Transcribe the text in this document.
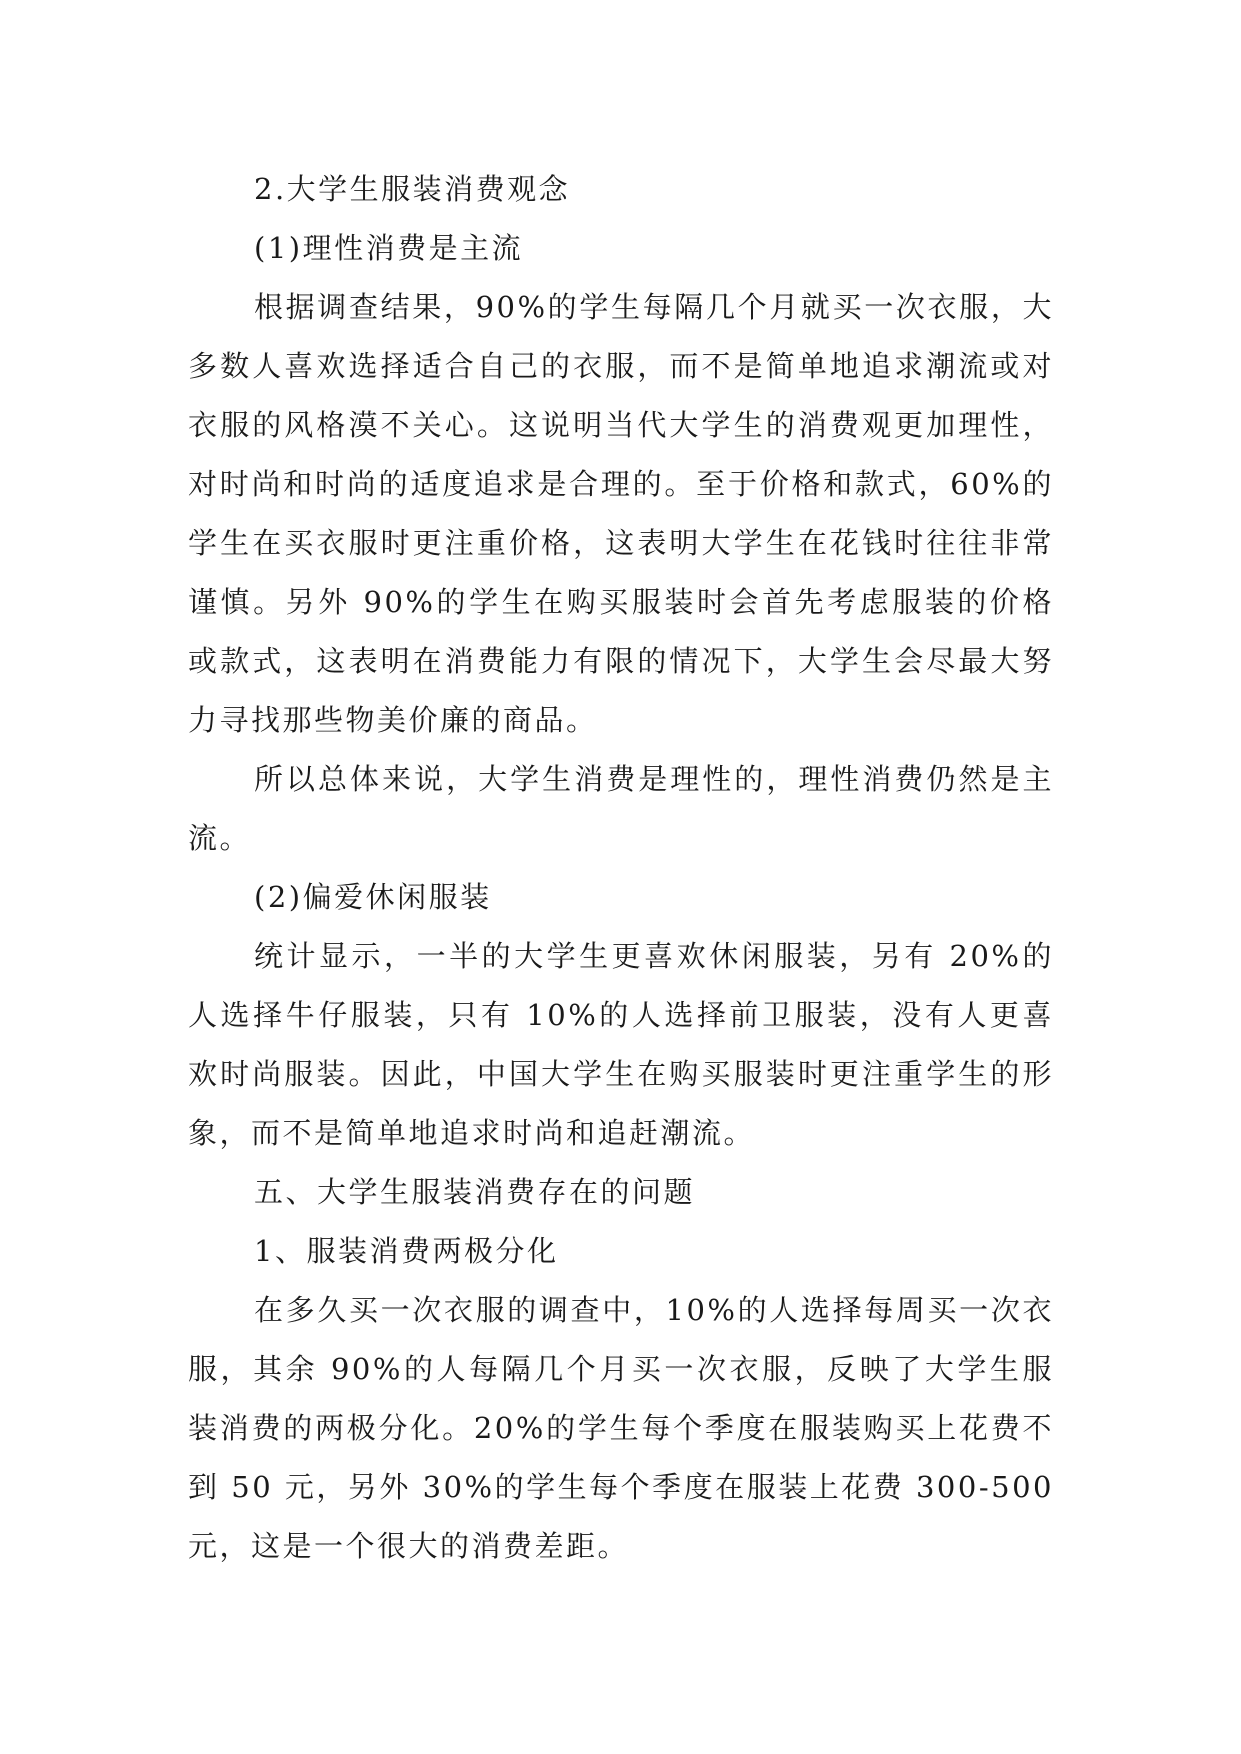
2.大学生服装消费观念

(1)理性消费是主流

根据调查结果，90%的学生每隔几个月就买一次衣服，大多数人喜欢选择适合自己的衣服，而不是简单地追求潮流或对衣服的风格漠不关心。这说明当代大学生的消费观更加理性，对时尚和时尚的适度追求是合理的。至于价格和款式，60%的学生在买衣服时更注重价格，这表明大学生在花钱时往往非常谨慎。另外 90%的学生在购买服装时会首先考虑服装的价格或款式，这表明在消费能力有限的情况下，大学生会尽最大努力寻找那些物美价廉的商品。

所以总体来说，大学生消费是理性的，理性消费仍然是主流。

(2)偏爱休闲服装

统计显示，一半的大学生更喜欢休闲服装，另有 20%的人选择牛仔服装，只有 10%的人选择前卫服装，没有人更喜欢时尚服装。因此，中国大学生在购买服装时更注重学生的形象，而不是简单地追求时尚和追赶潮流。

五、大学生服装消费存在的问题

1、服装消费两极分化

在多久买一次衣服的调查中，10%的人选择每周买一次衣服，其余 90%的人每隔几个月买一次衣服，反映了大学生服装消费的两极分化。20%的学生每个季度在服装购买上花费不到 50 元，另外 30%的学生每个季度在服装上花费 300-500 元，这是一个很大的消费差距。
